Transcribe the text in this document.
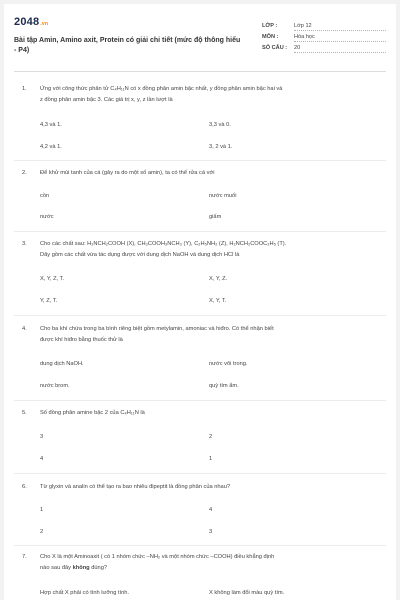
2048.vn
Bài tập Amin, Amino axit, Protein có giải chi tiết (mức độ thông hiểu - P4)
LỚP :	Lớp 12
MÔN :	Hóa học
SỐ CÂU :	20
1. Ứng với công thức phân tử C₄H₁₁N có x đồng phân amin bậc nhất, y đồng phân amin bậc hai và
z đồng phân amin bậc 3. Các giá trị x, y, z lần lượt là
4,3 và 1.	3,3 và 0.
4,2 và 1.	3, 2 và 1.
2. Để khử mùi tanh của cá (gây ra do một số amin), ta có thể rửa cá với
cồn	nước muối
nước	giấm
3. Cho các chất sau: H₂NCH₂COOH (X), CH₃COOH₃NCH₃ (Y), C₂H₅NH₂ (Z), H₂NCH₂COOC₂H₅ (T).
Dãy gồm các chất vừa tác dụng được với dung dịch NaOH và dung dịch HCl là
X, Y, Z, T.	X, Y, Z.
Y, Z, T.	X, Y, T.
4. Cho ba khí chứa trong ba bình riêng biệt gồm metylamin, amoniac và hiđro. Có thể nhận biết
được khí hiđro bằng thuốc thử là
dung dịch NaOH.	nước vôi trong.
nước brom.	quỳ tím ẩm.
5. Số đồng phân amine bậc 2 của C₄H₁₁N là
3	2
4	1
6. Từ glyxin và analin có thể tạo ra bao nhiêu đipeptit là đồng phân của nhau?
1	4
2	3
7. Cho X là một Aminoaxit ( có 1 nhóm chức –NH₂ và một nhóm chức –COOH) điều khẳng định
nào sau đây không đúng?
Hợp chất X phải có tính lưỡng tính.	X không làm đổi màu quỳ tím.
